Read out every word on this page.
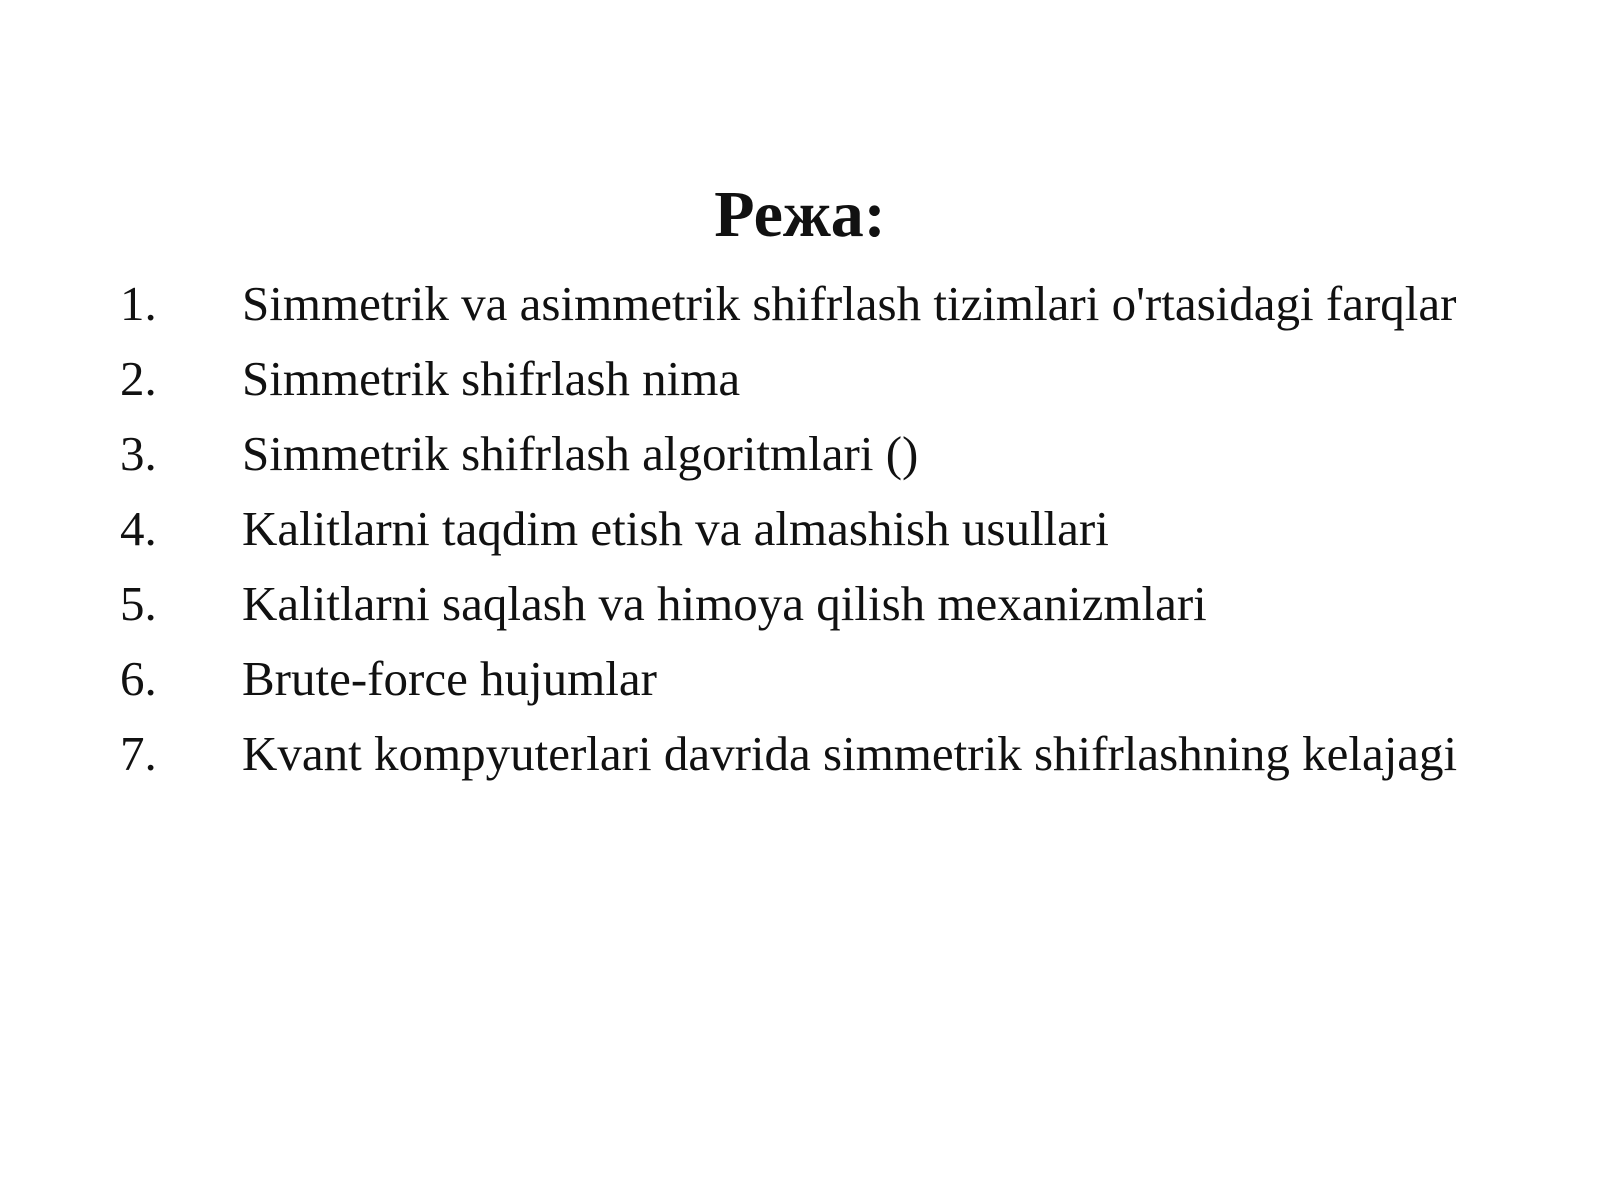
Режа:
1.	Simmetrik va asimmetrik shifrlash tizimlari o'rtasidagi farqlar
2.	Simmetrik shifrlash nima
3.	Simmetrik shifrlash algoritmlari ()
4.	Kalitlarni taqdim etish va almashish usullari
5.	Kalitlarni saqlash va himoya qilish mexanizmlari
6.	Brute-force hujumlar
7.	Kvant kompyuterlari davrida simmetrik shifrlashning kelajagi
